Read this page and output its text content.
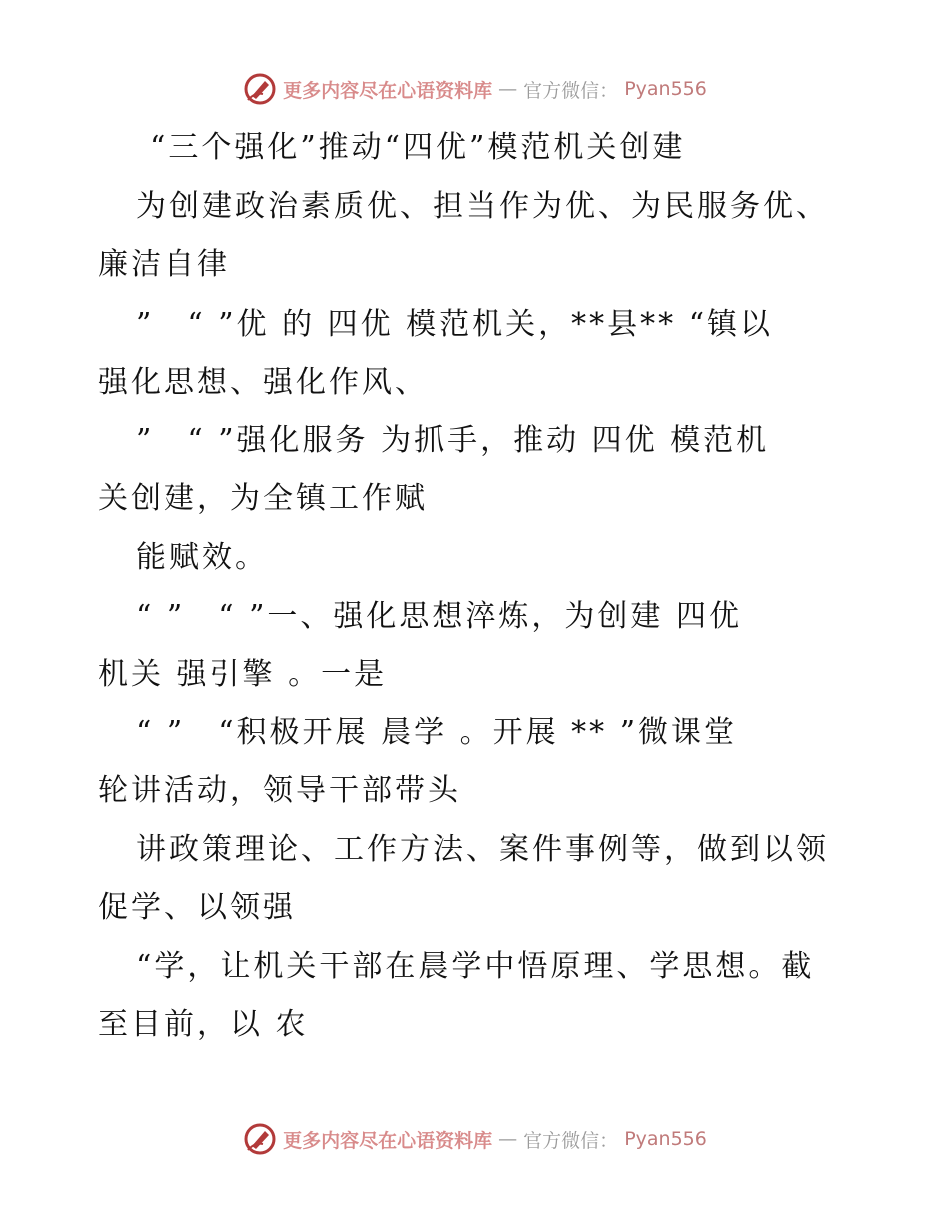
更多内容尽在心语资料库 — 官方微信： Pyan556
“三个强化”推动“四优”模范机关创建
为创建政治素质优、担当作为优、为民服务优、
廉洁自律
”　“ ”优 的 四优 模范机关，**县** “镇以
强化思想、强化作风、
”　“ ”强化服务 为抓手，推动 四优 模范机
关创建，为全镇工作赋
能赋效。
“ ”　“ ”一、强化思想淬炼，为创建 四优
机关 强引擎 。一是
“ ”　“积极开展 晨学 。开展 ** ”微课堂
轮讲活动，领导干部带头
讲政策理论、工作方法、案件事例等，做到以领
促学、以领强
“学，让机关干部在晨学中悟原理、学思想。截
至目前，以 农
更多内容尽在心语资料库 — 官方微信： Pyan556
